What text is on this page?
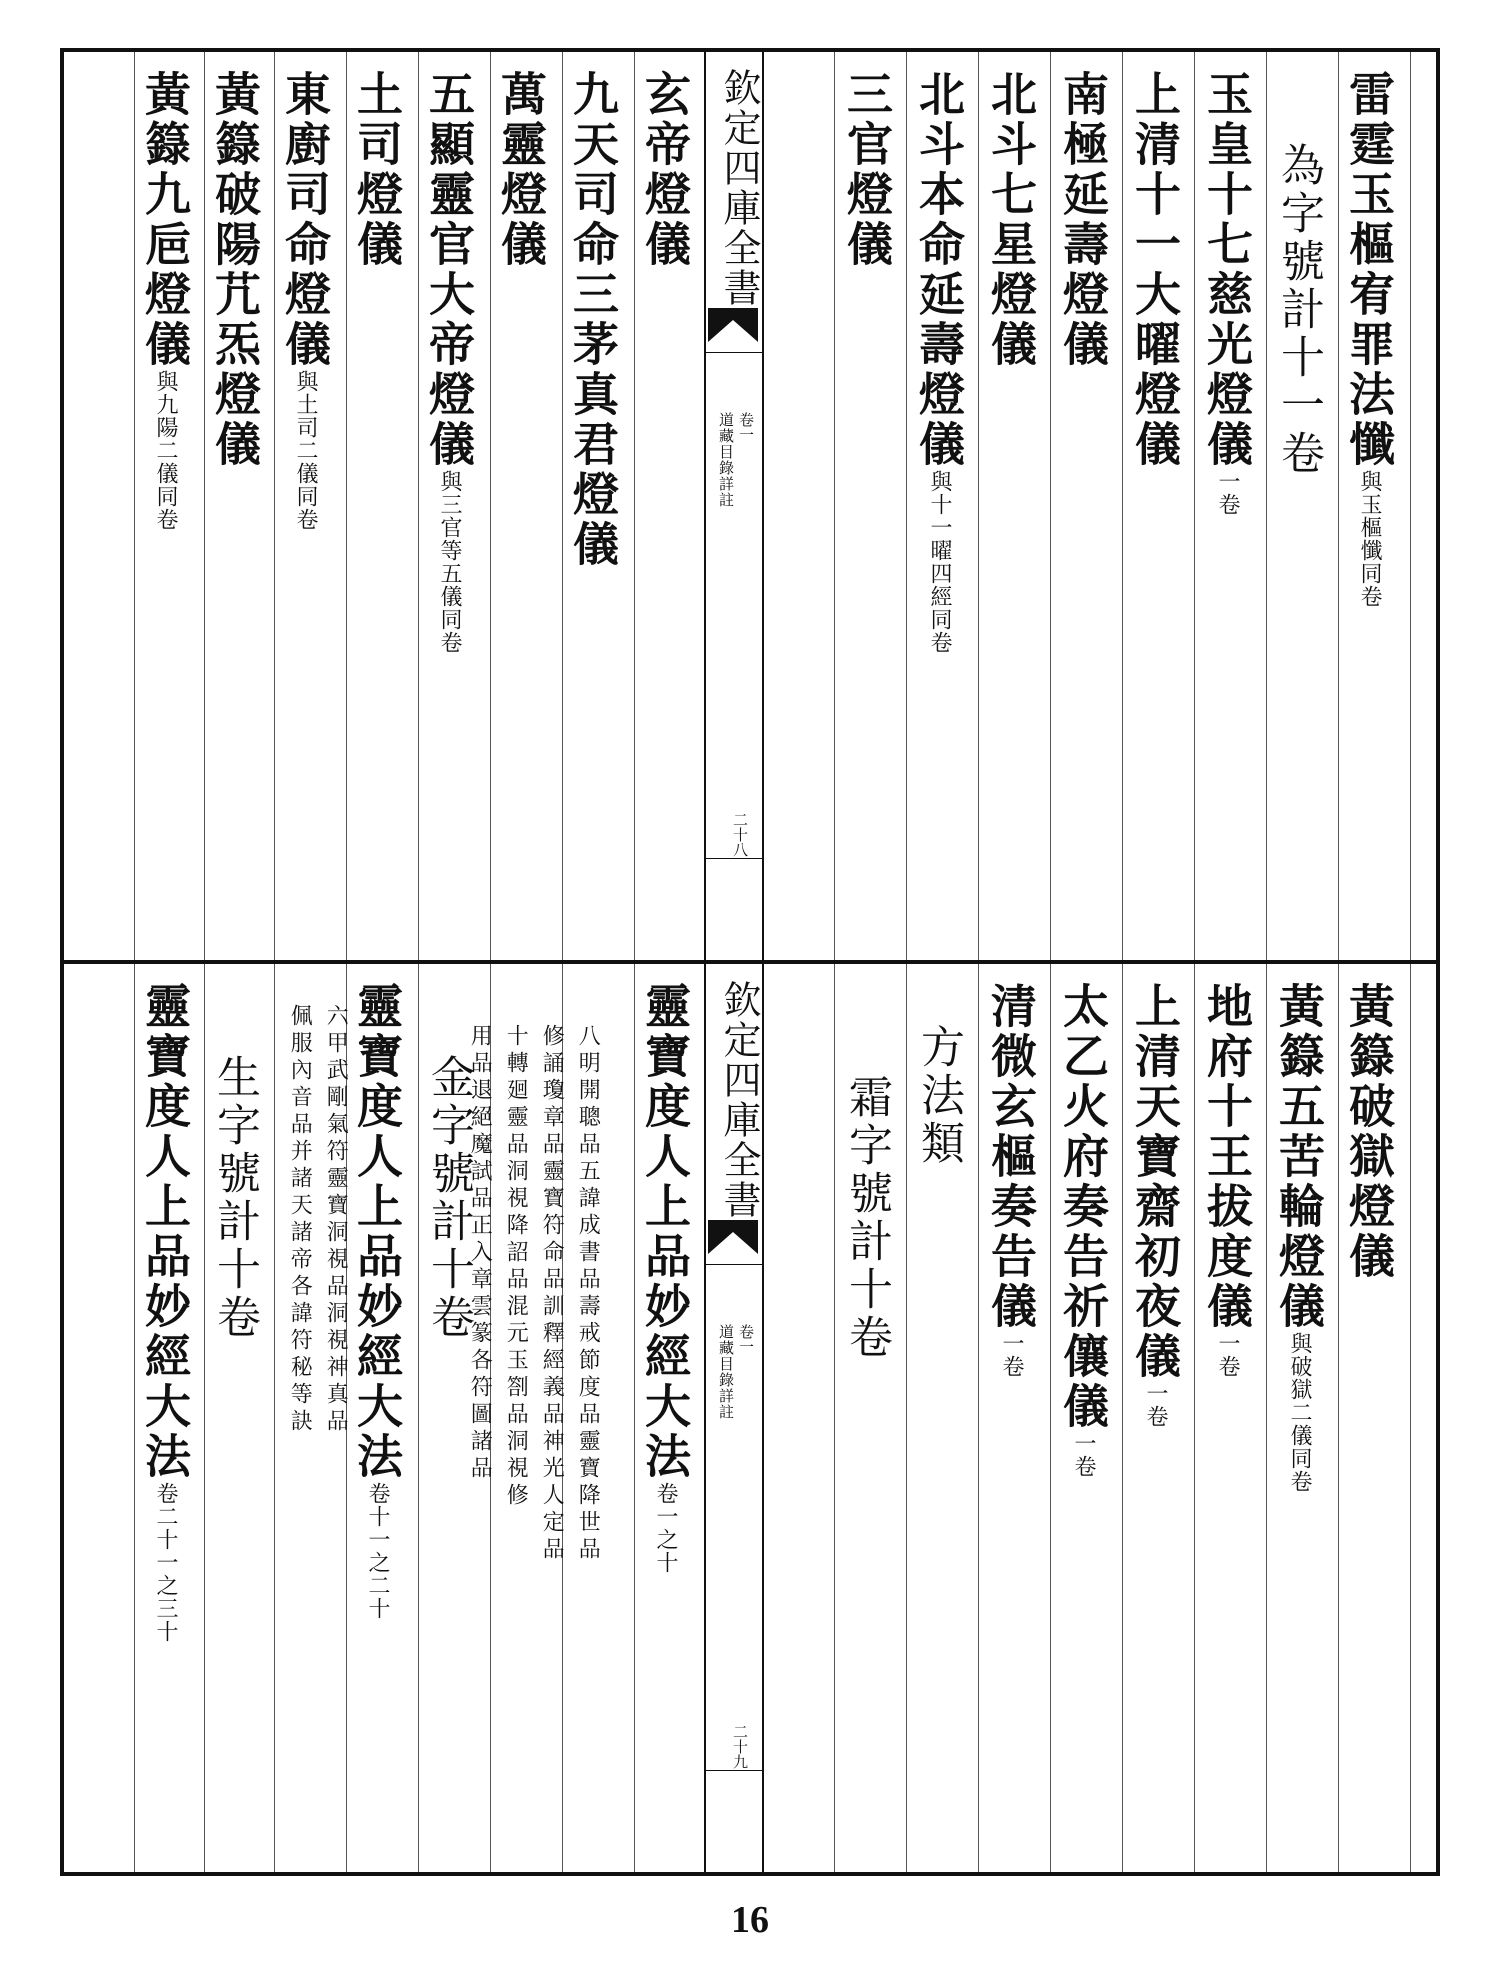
雷霆玉樞宥罪法懺與玉樞懺同卷
為字號計十一卷
玉皇十七慈光燈儀一卷
上清十一大曜燈儀
南極延壽燈儀
北斗七星燈儀
北斗本命延壽燈儀與十一曜四經同卷
三官燈儀
欽定四庫全書
道藏目錄詳註 卷一
二十八
玄帝燈儀
九天司命三茅真君燈儀
萬靈燈儀
五顯靈官大帝燈儀與三官等五儀同卷
土司燈儀
東廚司命燈儀與土司二儀同卷
黃籙破陽芁炁燈儀
黃籙九巵燈儀與九陽二儀同卷
黃籙破獄燈儀
黃籙五苦輪燈儀與破獄二儀同卷
地府十王拔度儀一卷
上清天寶齋初夜儀一卷
太乙火府奏告祈儴儀一卷
清微玄樞奏告儀一卷
方法類
霜字號計十卷
欽定四庫全書
道藏目錄詳註 卷一
二十九
靈寶度人上品妙經大法卷一之十
八明開聰品五諱成書品壽戒節度品靈寶降世品
修誦瓊章品靈寶符命品訓釋經義品神光人定品
十轉廻靈品洞視降詔品混元玉劄品洞視修
用品退絕魔試品正入章雲篆各符圖諸品
金字號計十卷
靈寶度人上品妙經大法卷十一之二十
六甲武剛氣符靈寶洞視品洞視神真品
佩服內音品并諸天諸帝各諱符秘等訣
生字號計十卷
靈寶度人上品妙經大法卷二十一之三十
16
